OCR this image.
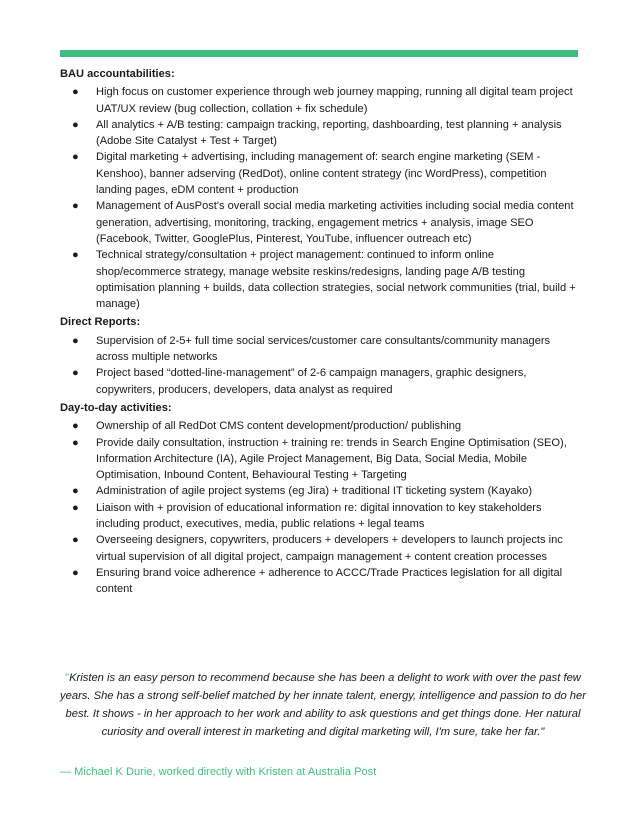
BAU accountabilities:
● High focus on customer experience through web journey mapping, running all digital team project UAT/UX review (bug collection, collation + fix schedule)
● All analytics + A/B testing: campaign tracking, reporting, dashboarding, test planning + analysis (Adobe Site Catalyst + Test + Target)
● Digital marketing + advertising, including management of: search engine marketing (SEM - Kenshoo), banner adserving (RedDot), online content strategy (inc WordPress), competition landing pages, eDM content + production
● Management of AusPost's overall social media marketing activities including social media content generation, advertising, monitoring, tracking, engagement metrics + analysis, image SEO (Facebook, Twitter, GooglePlus, Pinterest, YouTube, influencer outreach etc)
● Technical strategy/consultation + project management: continued to inform online shop/ecommerce strategy, manage website reskins/redesigns, landing page A/B testing optimisation planning + builds, data collection strategies, social network communities (trial, build + manage)
Direct Reports:
● Supervision of 2-5+ full time social services/customer care consultants/community managers across multiple networks
● Project based “dotted-line-management” of 2-6 campaign managers, graphic designers, copywriters, producers, developers, data analyst as required
Day-to-day activities:
● Ownership of all RedDot CMS content development/production/ publishing
● Provide daily consultation, instruction + training re: trends in Search Engine Optimisation (SEO), Information Architecture (IA), Agile Project Management, Big Data, Social Media, Mobile Optimisation, Inbound Content, Behavioural Testing + Targeting
● Administration of agile project systems (eg Jira) + traditional IT ticketing system (Kayako)
● Liaison with + provision of educational information re: digital innovation to key stakeholders including product, executives, media, public relations + legal teams
● Overseeing designers, copywriters, producers + developers + developers to launch projects inc virtual supervision of all digital project, campaign management + content creation processes
● Ensuring brand voice adherence + adherence to ACCC/Trade Practices legislation for all digital content
"Kristen is an easy person to recommend because she has been a delight to work with over the past few years. She has a strong self-belief matched by her innate talent, energy, intelligence and passion to do her best. It shows - in her approach to her work and ability to ask questions and get things done. Her natural curiosity and overall interest in marketing and digital marketing will, I'm sure, take her far."
— Michael K Durie, worked directly with Kristen at Australia Post
